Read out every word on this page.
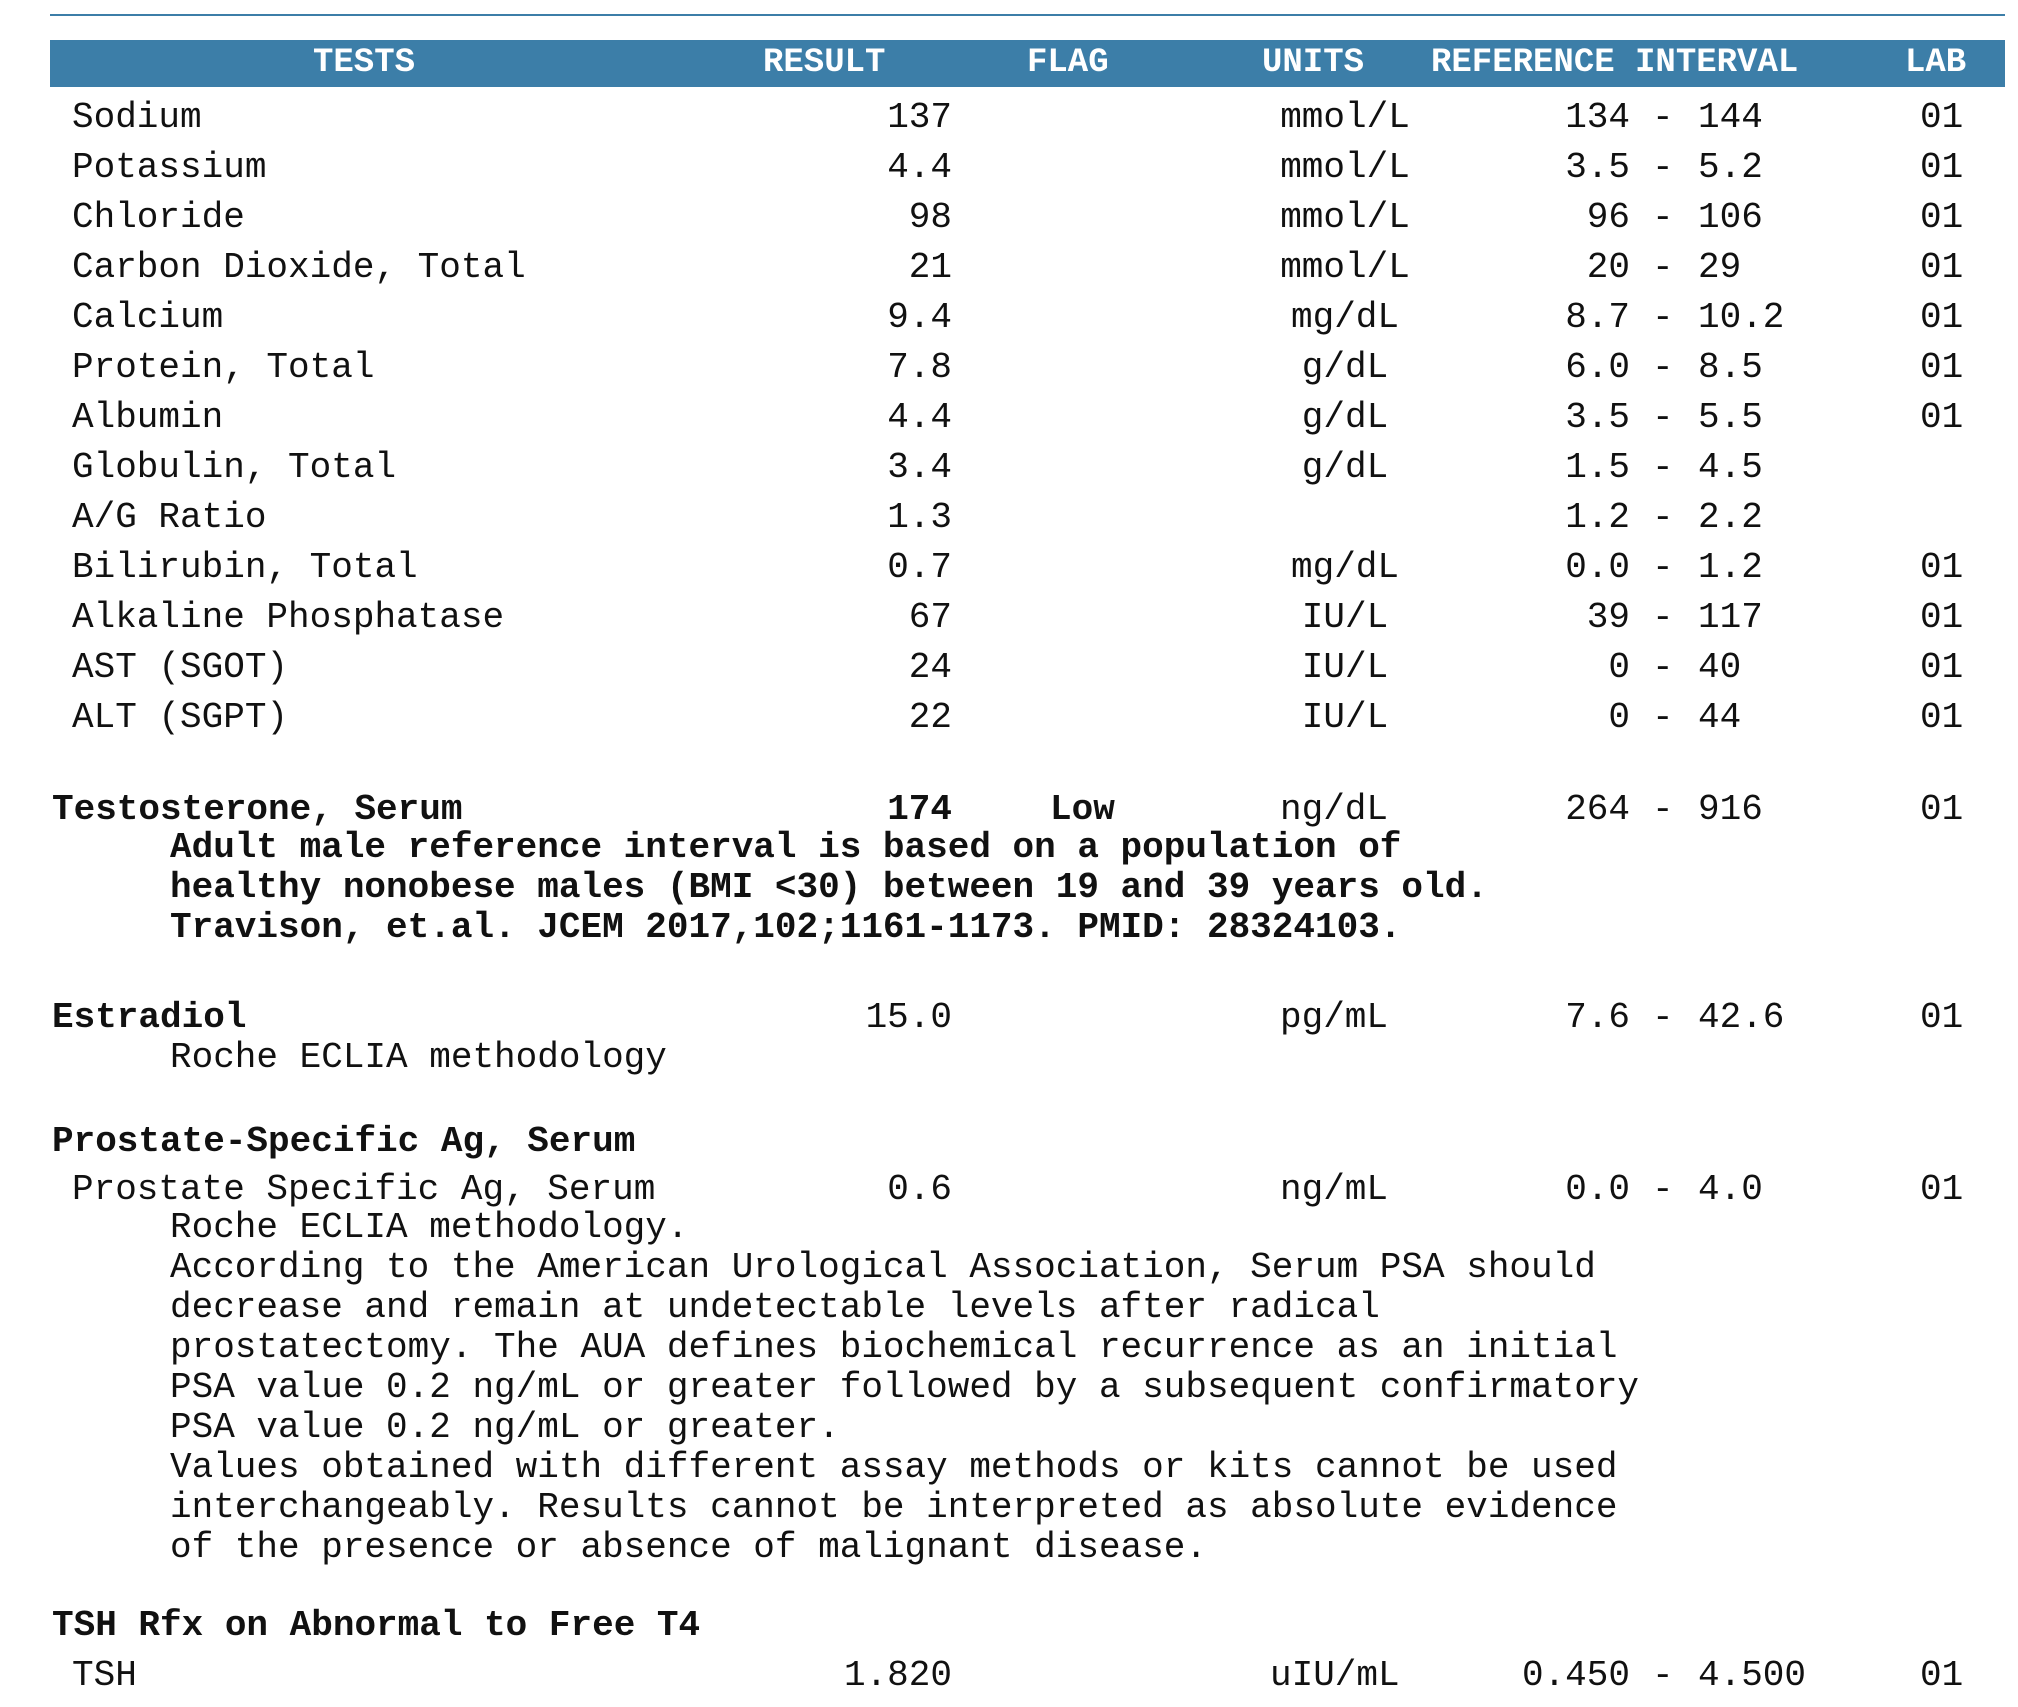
TESTS	RESULT	FLAG	UNITS REFERENCE INTERVAL	LAB
Sodium	137	mmol/L	134 - 144	01
Potassium	4.4	mmol/L	3.5 - 5.2	01
Chloride	98	mmol/L	96 - 106	01
Carbon Dioxide, Total	21	mmol/L	20 - 29	01
Calcium	9.4	mg/dL	8.7 - 10.2	01
Protein, Total	7.8	g/dL	6.0 - 8.5	01
Albumin	4.4	g/dL	3.5 - 5.5	01
Globulin, Total	3.4	g/dL	1.5 - 4.5
A/G Ratio	1.3	1.2 - 2.2
Bilirubin, Total	0.7	mg/dL	0.0 - 1.2	01
Alkaline Phosphatase	67	IU/L	39 - 117	01
AST (SGOT)	24	IU/L	0 - 40	01
ALT (SGPT)	22	IU/L	0 - 44	01
Testosterone, Serum	174	Low	ng/dL	264 - 916	01
Adult male reference interval is based on a population of
healthy nonobese males (BMI <30) between 19 and 39 years old.
Travison, et.al. JCEM 2017,102;1161-1173. PMID: 28324103.
Estradiol	15.0	pg/mL	7.6 - 42.6	01
Roche ECLIA methodology
Prostate-Specific Ag, Serum
Prostate Specific Ag, Serum	0.6	ng/mL	0.0 - 4.0	01
Roche ECLIA methodology.
According to the American Urological Association, Serum PSA should
decrease and remain at undetectable levels after radical
prostatectomy. The AUA defines biochemical recurrence as an initial
PSA value 0.2 ng/mL or greater followed by a subsequent confirmatory
PSA value 0.2 ng/mL or greater.
Values obtained with different assay methods or kits cannot be used
interchangeably. Results cannot be interpreted as absolute evidence
of the presence or absence of malignant disease.
TSH Rfx on Abnormal to Free T4
TSH	1.820	uIU/mL	0.450 - 4.500	01
